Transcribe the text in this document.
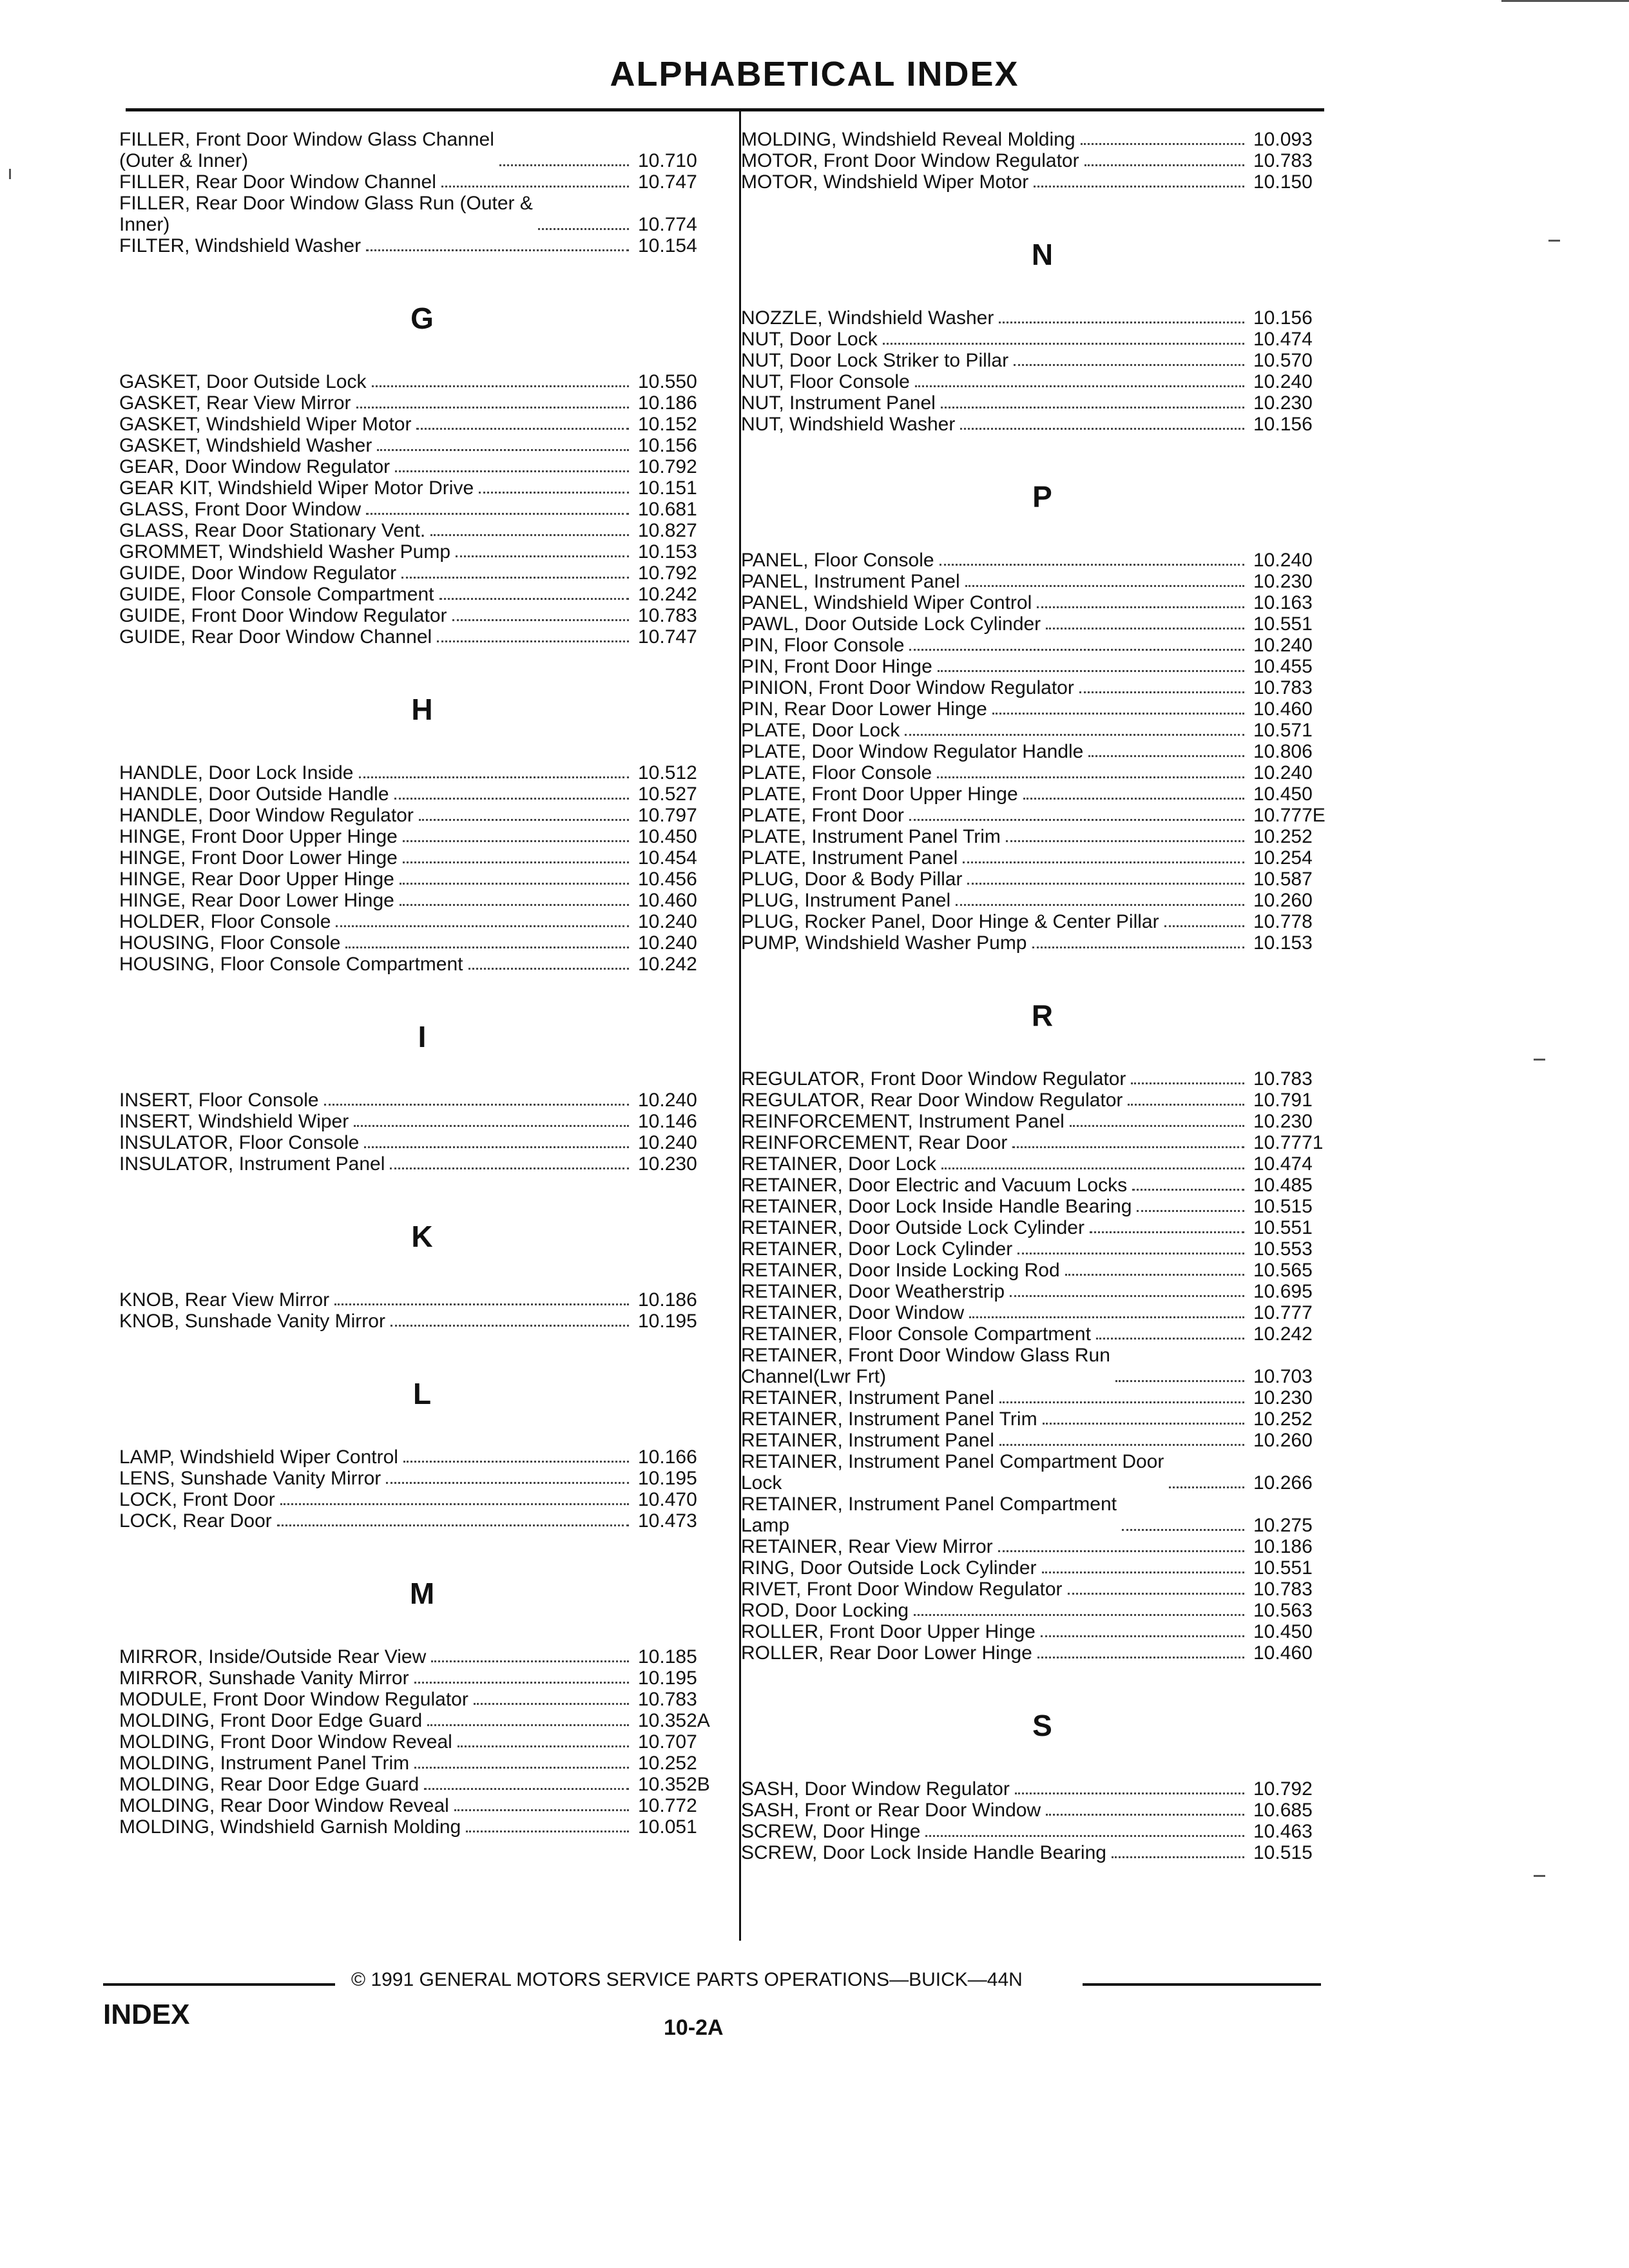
ALPHABETICAL INDEX
FILLER, Front Door Window Glass Channel
(Outer & Inner)	10.710
FILLER, Rear Door Window Channel	10.747
FILLER, Rear Door Window Glass Run (Outer &
Inner)	10.774
FILTER, Windshield Washer	10.154
G
GASKET, Door Outside Lock	10.550
GASKET, Rear View Mirror	10.186
GASKET, Windshield Wiper Motor	10.152
GASKET, Windshield Washer	10.156
GEAR, Door Window Regulator	10.792
GEAR KIT, Windshield Wiper Motor Drive	10.151
GLASS, Front Door Window	10.681
GLASS, Rear Door Stationary Vent.	10.827
GROMMET, Windshield Washer Pump	10.153
GUIDE, Door Window Regulator	10.792
GUIDE, Floor Console Compartment	10.242
GUIDE, Front Door Window Regulator	10.783
GUIDE, Rear Door Window Channel	10.747
H
HANDLE, Door Lock Inside	10.512
HANDLE, Door Outside Handle	10.527
HANDLE, Door Window Regulator	10.797
HINGE, Front Door Upper Hinge	10.450
HINGE, Front Door Lower Hinge	10.454
HINGE, Rear Door Upper Hinge	10.456
HINGE, Rear Door Lower Hinge	10.460
HOLDER, Floor Console	10.240
HOUSING, Floor Console	10.240
HOUSING, Floor Console Compartment	10.242
I
INSERT, Floor Console	10.240
INSERT, Windshield Wiper	10.146
INSULATOR, Floor Console	10.240
INSULATOR, Instrument Panel	10.230
K
KNOB, Rear View Mirror	10.186
KNOB, Sunshade Vanity Mirror	10.195
L
LAMP, Windshield Wiper Control	10.166
LENS, Sunshade Vanity Mirror	10.195
LOCK, Front Door	10.470
LOCK, Rear Door	10.473
M
MIRROR, Inside/Outside Rear View	10.185
MIRROR, Sunshade Vanity Mirror	10.195
MODULE, Front Door Window Regulator	10.783
MOLDING, Front Door Edge Guard	10.352A
MOLDING, Front Door Window Reveal	10.707
MOLDING, Instrument Panel Trim	10.252
MOLDING, Rear Door Edge Guard	10.352B
MOLDING, Rear Door Window Reveal	10.772
MOLDING, Windshield Garnish Molding	10.051
MOLDING, Windshield Reveal Molding	10.093
MOTOR, Front Door Window Regulator	10.783
MOTOR, Windshield Wiper Motor	10.150
N
NOZZLE, Windshield Washer	10.156
NUT, Door Lock	10.474
NUT, Door Lock Striker to Pillar	10.570
NUT, Floor Console	10.240
NUT, Instrument Panel	10.230
NUT, Windshield Washer	10.156
P
PANEL, Floor Console	10.240
PANEL, Instrument Panel	10.230
PANEL, Windshield Wiper Control	10.163
PAWL, Door Outside Lock Cylinder	10.551
PIN, Floor Console	10.240
PIN, Front Door Hinge	10.455
PINION, Front Door Window Regulator	10.783
PIN, Rear Door Lower Hinge	10.460
PLATE, Door Lock	10.571
PLATE, Door Window Regulator Handle	10.806
PLATE, Floor Console	10.240
PLATE, Front Door Upper Hinge	10.450
PLATE, Front Door	10.777E
PLATE, Instrument Panel Trim	10.252
PLATE, Instrument Panel	10.254
PLUG, Door & Body Pillar	10.587
PLUG, Instrument Panel	10.260
PLUG, Rocker Panel, Door Hinge & Center Pillar	10.778
PUMP, Windshield Washer Pump	10.153
R
REGULATOR, Front Door Window Regulator	10.783
REGULATOR, Rear Door Window Regulator	10.791
REINFORCEMENT, Instrument Panel	10.230
REINFORCEMENT, Rear Door	10.7771
RETAINER, Door Lock	10.474
RETAINER, Door Electric and Vacuum Locks	10.485
RETAINER, Door Lock Inside Handle Bearing	10.515
RETAINER, Door Outside Lock Cylinder	10.551
RETAINER, Door Lock Cylinder	10.553
RETAINER, Door Inside Locking Rod	10.565
RETAINER, Door Weatherstrip	10.695
RETAINER, Door Window	10.777
RETAINER, Floor Console Compartment	10.242
RETAINER, Front Door Window Glass Run
Channel(Lwr Frt)	10.703
RETAINER, Instrument Panel	10.230
RETAINER, Instrument Panel Trim	10.252
RETAINER, Instrument Panel	10.260
RETAINER, Instrument Panel Compartment Door
Lock	10.266
RETAINER, Instrument Panel Compartment
Lamp	10.275
RETAINER, Rear View Mirror	10.186
RING, Door Outside Lock Cylinder	10.551
RIVET, Front Door Window Regulator	10.783
ROD, Door Locking	10.563
ROLLER, Front Door Upper Hinge	10.450
ROLLER, Rear Door Lower Hinge	10.460
S
SASH, Door Window Regulator	10.792
SASH, Front or Rear Door Window	10.685
SCREW, Door Hinge	10.463
SCREW, Door Lock Inside Handle Bearing	10.515
© 1991 GENERAL MOTORS SERVICE PARTS OPERATIONS—BUICK—44N
INDEX	10-2A
